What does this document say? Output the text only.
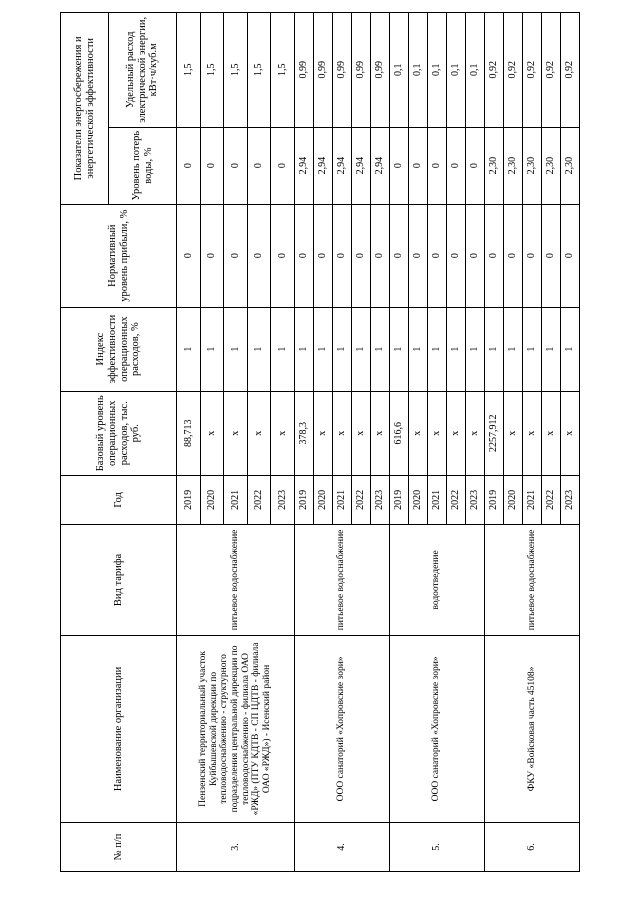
№ п/п	Наименование организации	Вид тарифа	Год	Базовый уровень операционных расходов, тыс. руб.	Индекс эффективности операционных расходов, %	Нормативный уровень прибыли, %	Показатели энергосбережения и энергетической эффективности	
							Уровень потерь воды, %	Удельный расход электрической энергии, кВт·ч/куб.м
3.	Пензенский территориальный участок Куйбышевской дирекции по тепловодоснабжению - структурного подразделения центральной дирекции по тепловодоснабжению - филиала ОАО «РЖД» (ПТУ КДТВ - СП ЦДТВ - филиала ОАО «РЖД») - Исенский район	питьевое водоснабжение	2019	88,713	1	0	0	1,5
			2020	x	1	0	0	1,5
			2021	x	1	0	0	1,5
			2022	x	1	0	0	1,5
			2023	x	1	0	0	1,5
4.	ООО санаторий «Хопровские зори»	питьевое водоснабжение	2019	378,3	1	0	2,94	0,99
			2020	x	1	0	2,94	0,99
			2021	x	1	0	2,94	0,99
			2022	x	1	0	2,94	0,99
			2023	x	1	0	2,94	0,99
5.	ООО санаторий «Хопровские зори»	водоотведение	2019	616,6	1	0	0	0,1
			2020	x	1	0	0	0,1
			2021	x	1	0	0	0,1
			2022	x	1	0	0	0,1
			2023	x	1	0	0	0,1
6.	ФКУ «Войсковая часть 45108»	питьевое водоснабжение	2019	2257,912	1	0	2,30	0,92
			2020	x	1	0	2,30	0,92
			2021	x	1	0	2,30	0,92
			2022	x	1	0	2,30	0,92
			2023	x	1	0	2,30	0,92
